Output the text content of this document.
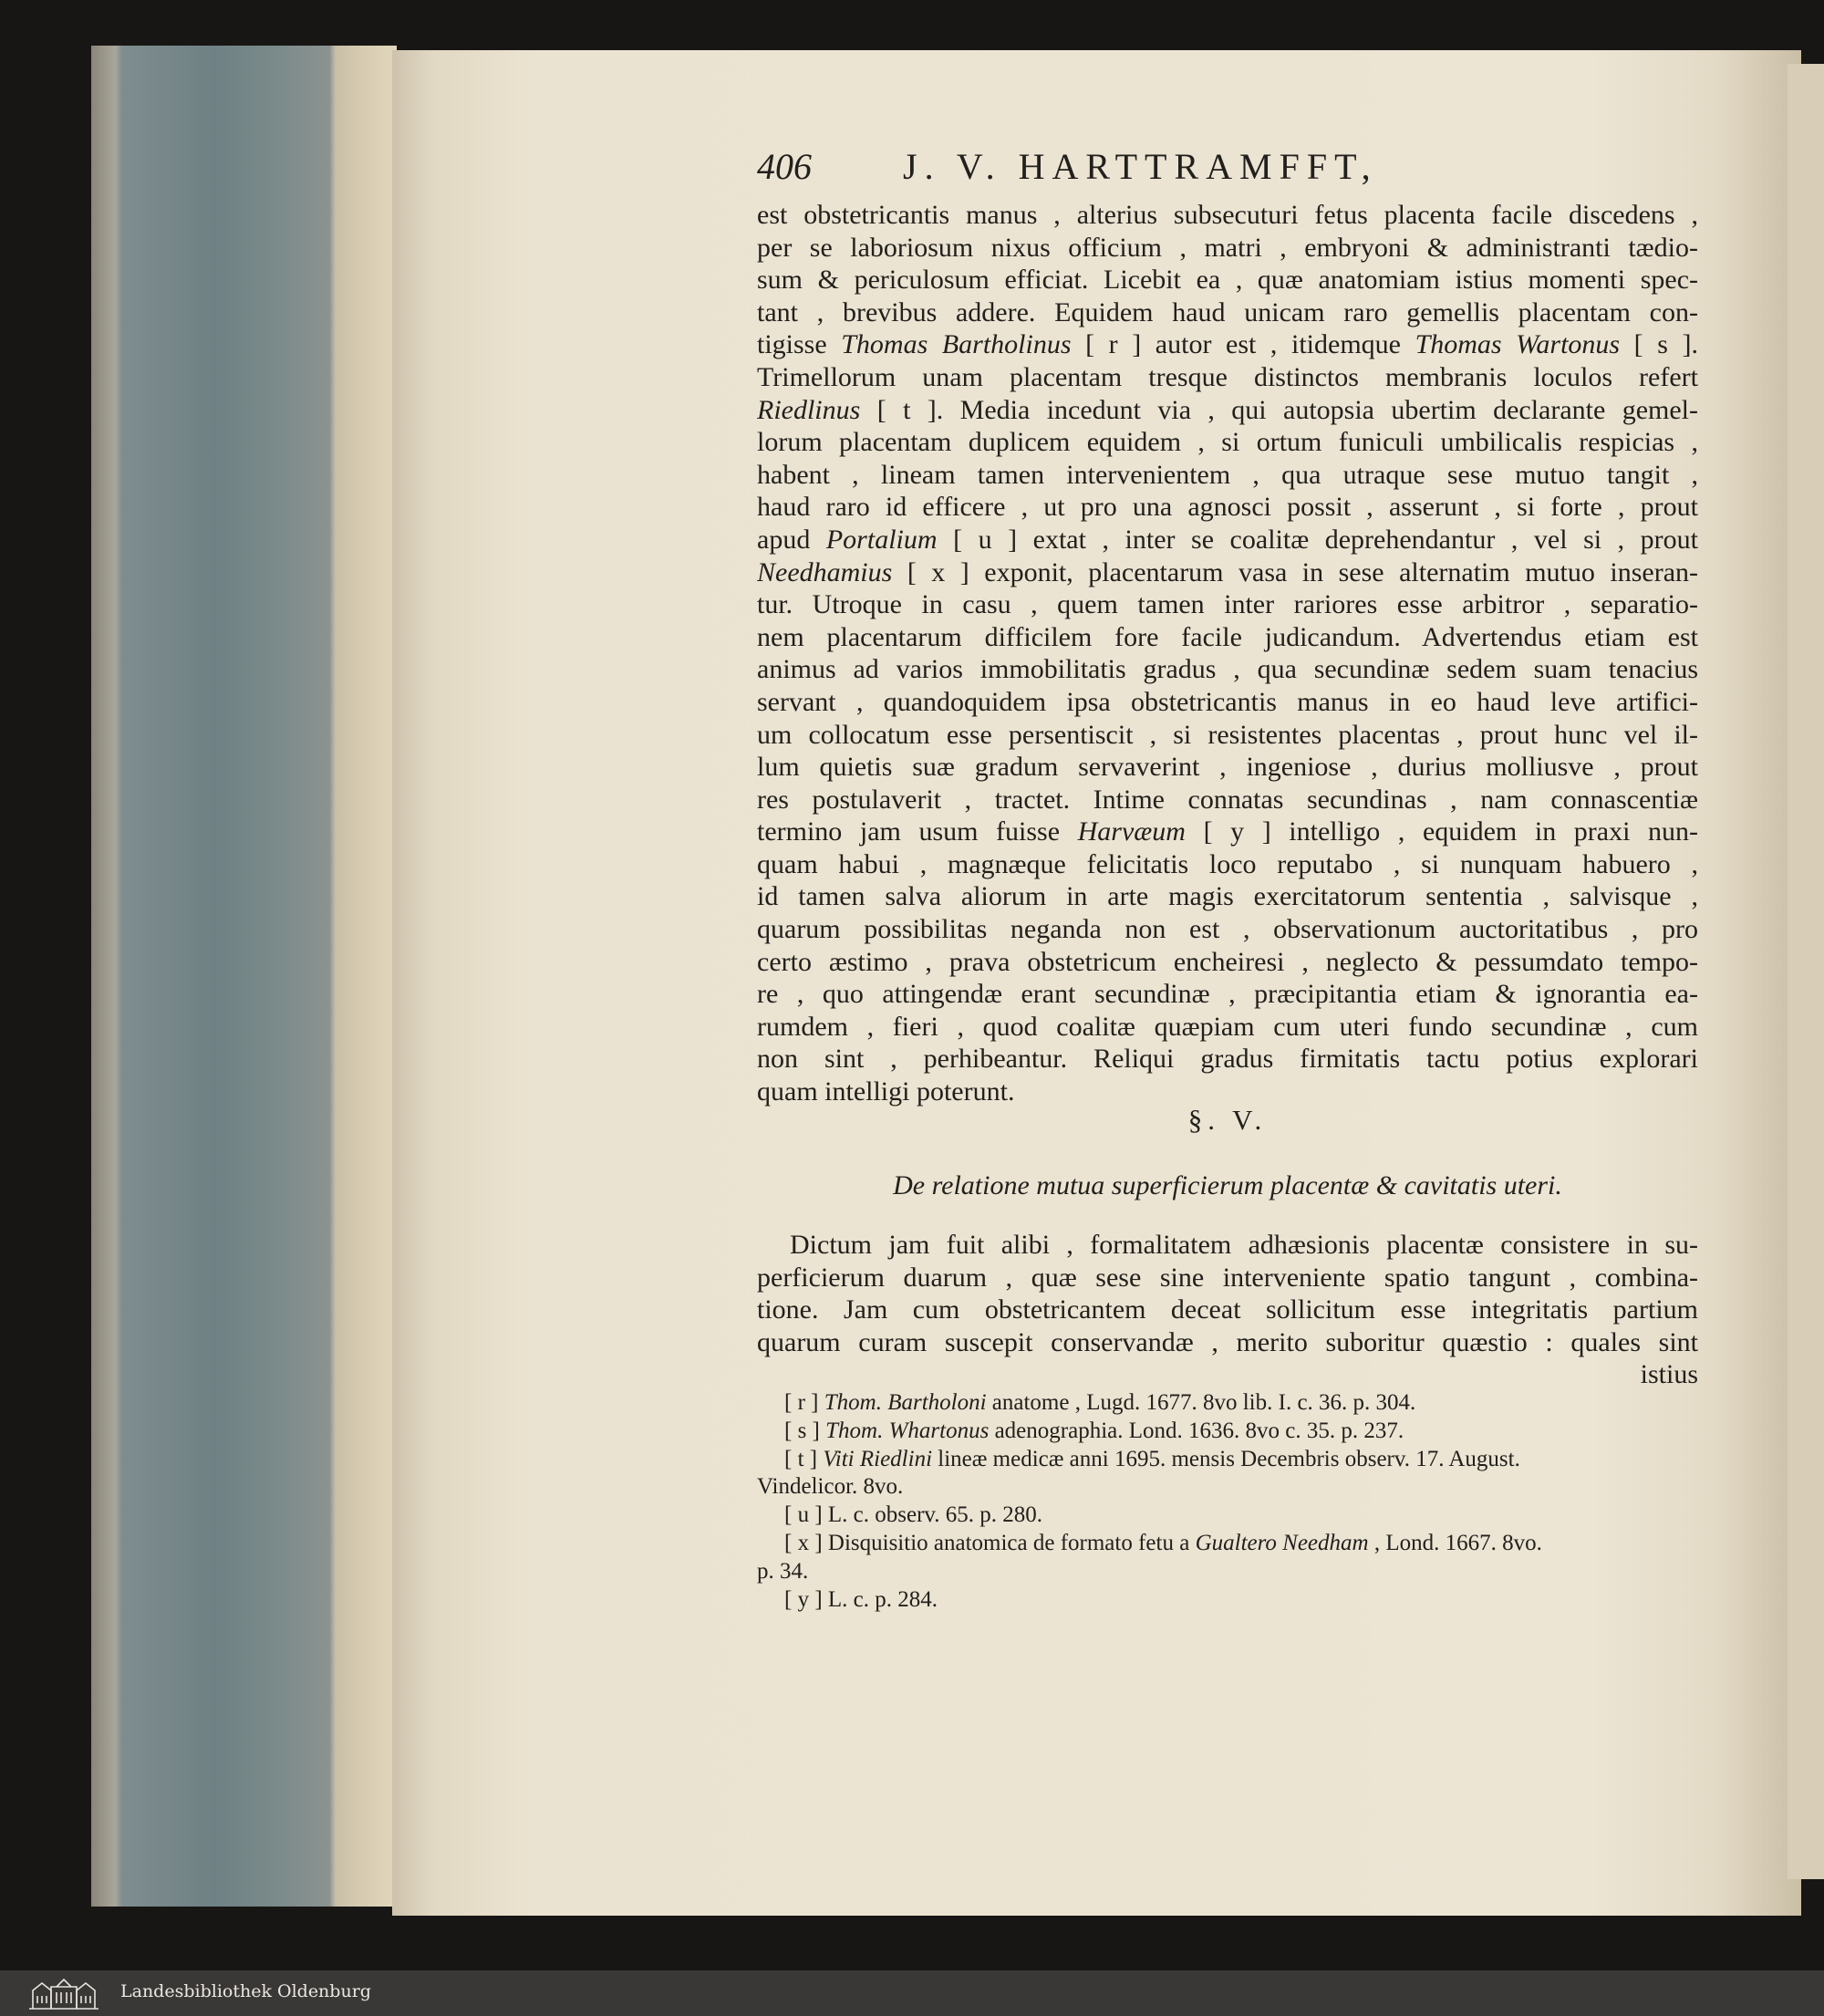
406	J. V. HARTTRAMFFT,
est obstetricantis manus , alterius subsecuturi fetus placenta facile discedens ,
per se laboriosum nixus officium , matri , embryoni & administranti tædio-
sum & periculosum efficiat. Licebit ea , quæ anatomiam istius momenti spec-
tant , brevibus addere. Equidem haud unicam raro gemellis placentam con-
tigisse Thomas Bartholinus [ r ] autor est , itidemque Thomas Wartonus [ s ].
Trimellorum unam placentam tresque distinctos membranis loculos refert
Riedlinus [ t ]. Media incedunt via , qui autopsia ubertim declarante gemel-
lorum placentam duplicem equidem , si ortum funiculi umbilicalis respicias ,
habent , lineam tamen intervenientem , qua utraque sese mutuo tangit ,
haud raro id efficere , ut pro una agnosci possit , asserunt , si forte , prout
apud Portalium [ u ] extat , inter se coalitæ deprehendantur , vel si , prout
Needhamius [ x ] exponit, placentarum vasa in sese alternatim mutuo inseran-
tur. Utroque in casu , quem tamen inter rariores esse arbitror , separatio-
nem placentarum difficilem fore facile judicandum. Advertendus etiam est
animus ad varios immobilitatis gradus , qua secundinæ sedem suam tenacius
servant , quandoquidem ipsa obstetricantis manus in eo haud leve artifici-
um collocatum esse persentiscit , si resistentes placentas , prout hunc vel il-
lum quietis suæ gradum servaverint , ingeniose , durius molliusve , prout
res postulaverit , tractet. Intime connatas secundinas , nam connascentiæ
termino jam usum fuisse Harvæum [ y ] intelligo , equidem in praxi nun-
quam habui , magnæque felicitatis loco reputabo , si nunquam habuero ,
id tamen salva aliorum in arte magis exercitatorum sententia , salvisque ,
quarum possibilitas neganda non est , observationum auctoritatibus , pro
certo æstimo , prava obstetricum encheiresi , neglecto & pessumdato tempo-
re , quo attingendæ erant secundinæ , præcipitantia etiam & ignorantia ea-
rumdem , fieri , quod coalitæ quæpiam cum uteri fundo secundinæ , cum
non sint , perhibeantur. Reliqui gradus firmitatis tactu potius explorari
quam intelligi poterunt.
§. V.
De relatione mutua superficierum placentæ & cavitatis uteri.
Dictum jam fuit alibi , formalitatem adhæsionis placentæ consistere in su-
perficierum duarum , quæ sese sine interveniente spatio tangunt , combina-
tione. Jam cum obstetricantem deceat sollicitum esse integritatis partium
quarum curam suscepit conservandæ , merito suboritur quæstio : quales sint
istius
[ r ] Thom. Bartholoni anatome , Lugd. 1677. 8vo lib. I. c. 36. p. 304.
[ s ] Thom. Whartonus adenographia. Lond. 1636. 8vo c. 35. p. 237.
[ t ] Viti Riedlini lineæ medicæ anni 1695. mensis Decembris observ. 17. August.
Vindelicor. 8vo.
[ u ] L. c. observ. 65. p. 280.
[ x ] Disquisitio anatomica de formato fetu a Gualtero Needham , Lond. 1667. 8vo.
p. 34.
[ y ] L. c. p. 284.
Landesbibliothek Oldenburg
